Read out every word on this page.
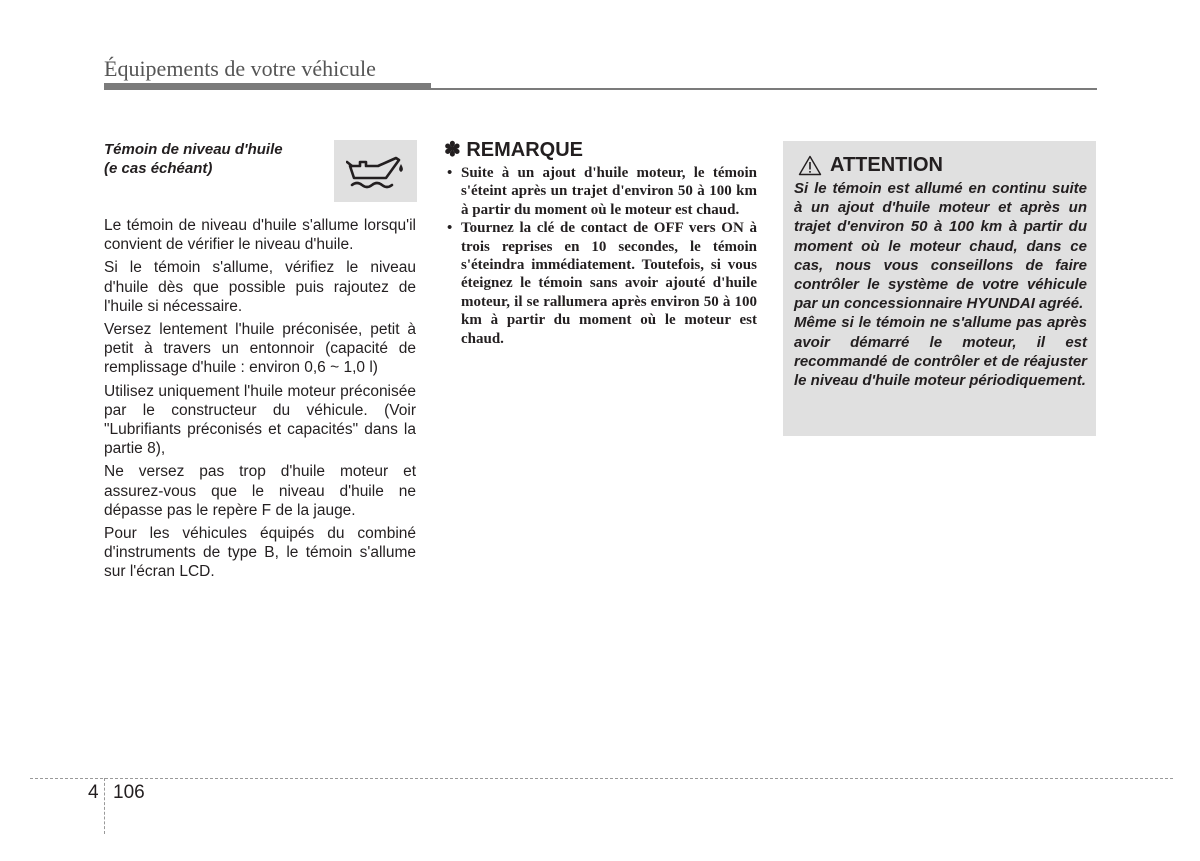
Équipements de votre véhicule
Témoin de niveau d'huile
(e cas échéant)

Le témoin de niveau d'huile s'allume lorsqu'il convient de vérifier le niveau d'huile.

Si le témoin s'allume, vérifiez le niveau d'huile dès que possible puis rajoutez de l'huile si nécessaire.

Versez lentement l'huile préconisée, petit à petit à travers un entonnoir (capacité de remplissage d'huile : environ 0,6 ~ 1,0 l)

Utilisez uniquement l'huile moteur préconisée par le constructeur du véhicule. (Voir "Lubrifiants préconisés et capacités" dans la partie 8),

Ne versez pas trop d'huile moteur et assurez-vous que le niveau d'huile ne dépasse pas le repère F de la jauge.

Pour les véhicules équipés du combiné d'instruments de type B, le témoin s'allume sur l'écran LCD.

✽ REMARQUE
• Suite à un ajout d'huile moteur, le témoin s'éteint après un trajet d'environ 50 à 100 km à partir du moment où le moteur est chaud.
• Tournez la clé de contact de OFF vers ON à trois reprises en 10 secondes, le témoin s'éteindra immédiatement. Toutefois, si vous éteignez le témoin sans avoir ajouté d'huile moteur, il se rallumera après environ 50 à 100 km à partir du moment où le moteur est chaud.
ATTENTION

Si le témoin est allumé en continu suite à un ajout d'huile moteur et après un trajet d'environ 50 à 100 km à partir du moment où le moteur chaud, dans ce cas, nous vous conseillons de faire contrôler le système de votre véhicule par un concessionnaire HYUNDAI agréé.

Même si le témoin ne s'allume pas après avoir démarré le moteur, il est recommandé de contrôler et de réajuster le niveau d'huile moteur périodiquement.

4 106
